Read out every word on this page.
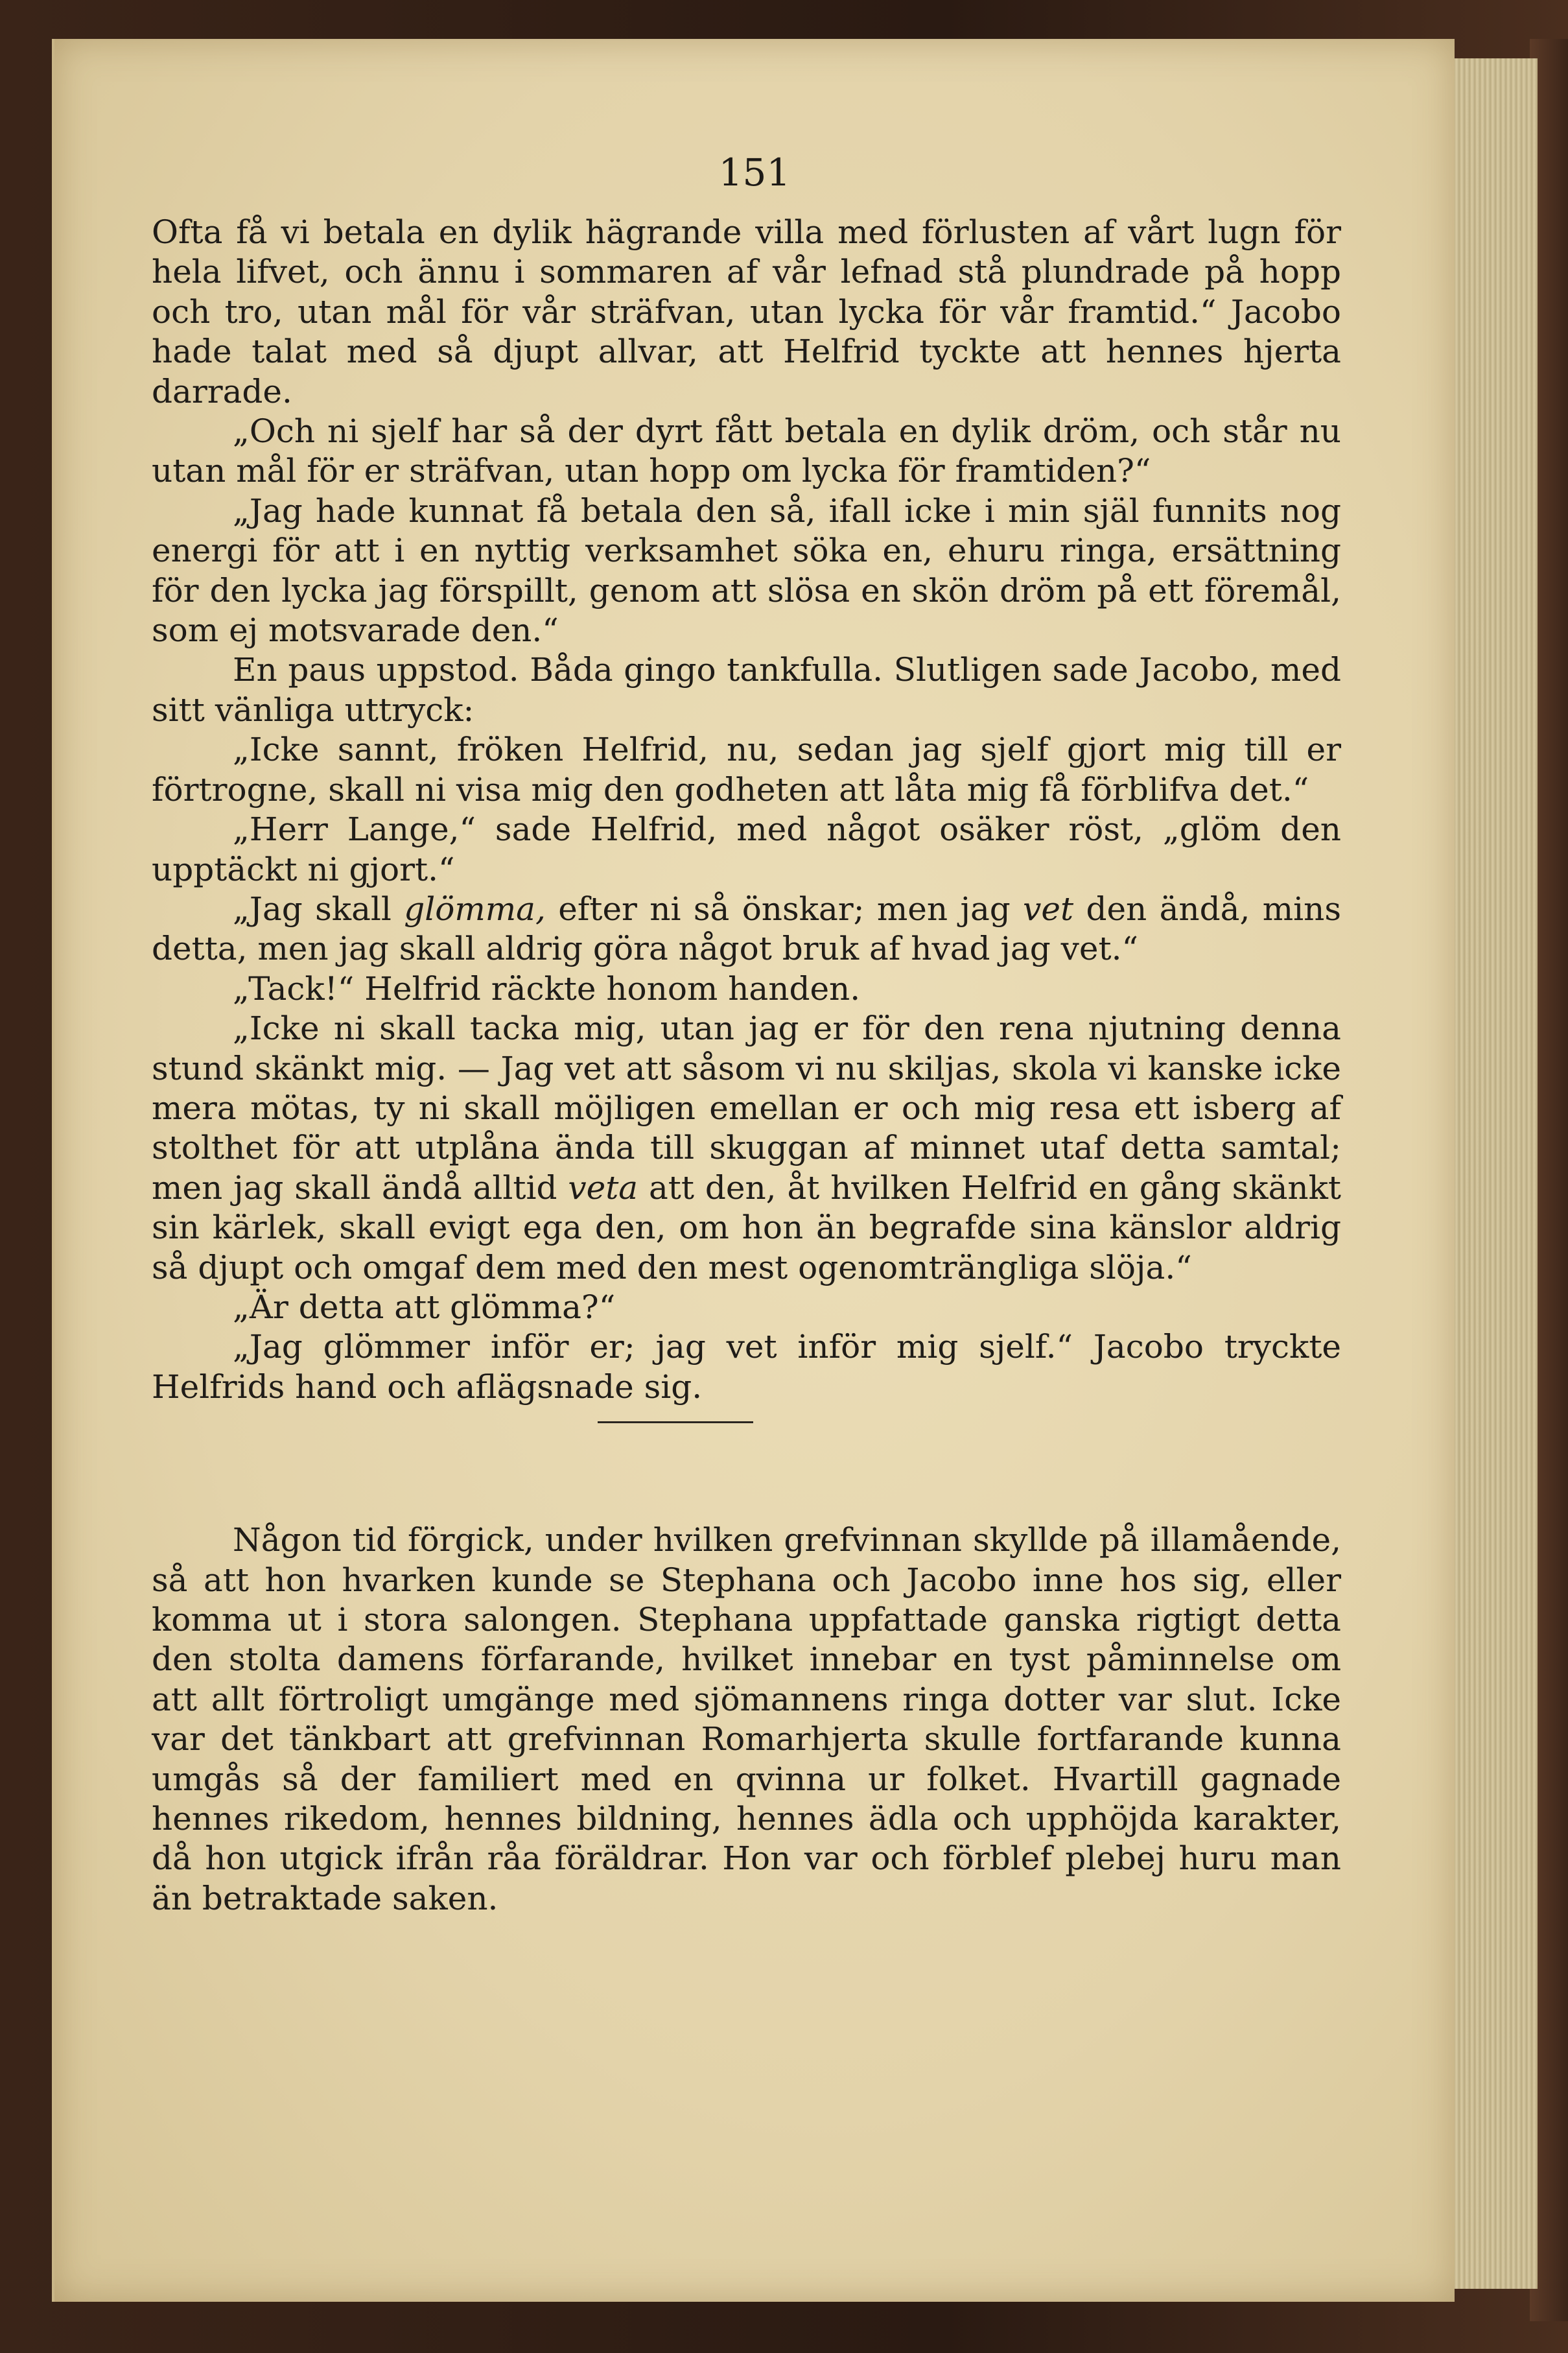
151

Ofta få vi betala en dylik hägrande villa med förlusten af vårt lugn för hela lifvet, och ännu i sommaren af vår lefnad stå plundrade på hopp och tro, utan mål för vår sträfvan, utan lycka för vår framtid.“ Jacobo hade talat med så djupt allvar, att Helfrid tyckte att hennes hjerta darrade.

„Och ni sjelf har så der dyrt fått betala en dylik dröm, och står nu utan mål för er sträfvan, utan hopp om lycka för framtiden?“

„Jag hade kunnat få betala den så, ifall icke i min själ funnits nog energi för att i en nyttig verksamhet söka en, ehuru ringa, ersättning för den lycka jag förspillt, genom att slösa en skön dröm på ett föremål, som ej motsvarade den.“

En paus uppstod. Båda gingo tankfulla. Slutligen sade Jacobo, med sitt vänliga uttryck:

„Icke sannt, fröken Helfrid, nu, sedan jag sjelf gjort mig till er förtrogne, skall ni visa mig den godheten att låta mig få förblifva det.“

„Herr Lange,“ sade Helfrid, med något osäker röst, „glöm den upptäckt ni gjort.“

„Jag skall glömma, efter ni så önskar; men jag vet den ändå, mins detta, men jag skall aldrig göra något bruk af hvad jag vet.“

„Tack!“ Helfrid räckte honom handen.

„Icke ni skall tacka mig, utan jag er för den rena njutning denna stund skänkt mig. — Jag vet att såsom vi nu skiljas, skola vi kanske icke mera mötas, ty ni skall möjligen emellan er och mig resa ett isberg af stolthet för att utplåna ända till skuggan af minnet utaf detta samtal; men jag skall ändå alltid veta att den, åt hvilken Helfrid en gång skänkt sin kärlek, skall evigt ega den, om hon än begrafde sina känslor aldrig så djupt och omgaf dem med den mest ogenomträngliga slöja.“

„Är detta att glömma?“

„Jag glömmer inför er; jag vet inför mig sjelf.“ Jacobo tryckte Helfrids hand och aflägsnade sig.

Någon tid förgick, under hvilken grefvinnan skyllde på illamående, så att hon hvarken kunde se Stephana och Jacobo inne hos sig, eller komma ut i stora salongen. Stephana uppfattade ganska rigtigt detta den stolta damens förfarande, hvilket innebar en tyst påminnelse om att allt förtroligt umgänge med sjömannens ringa dotter var slut. Icke var det tänkbart att grefvinnan Romarhjerta skulle fortfarande kunna umgås så der familiert med en qvinna ur folket. Hvartill gagnade hennes rikedom, hennes bildning, hennes ädla och upphöjda karakter, då hon utgick ifrån råa föräldrar. Hon var och förblef plebej huru man än betraktade saken.
